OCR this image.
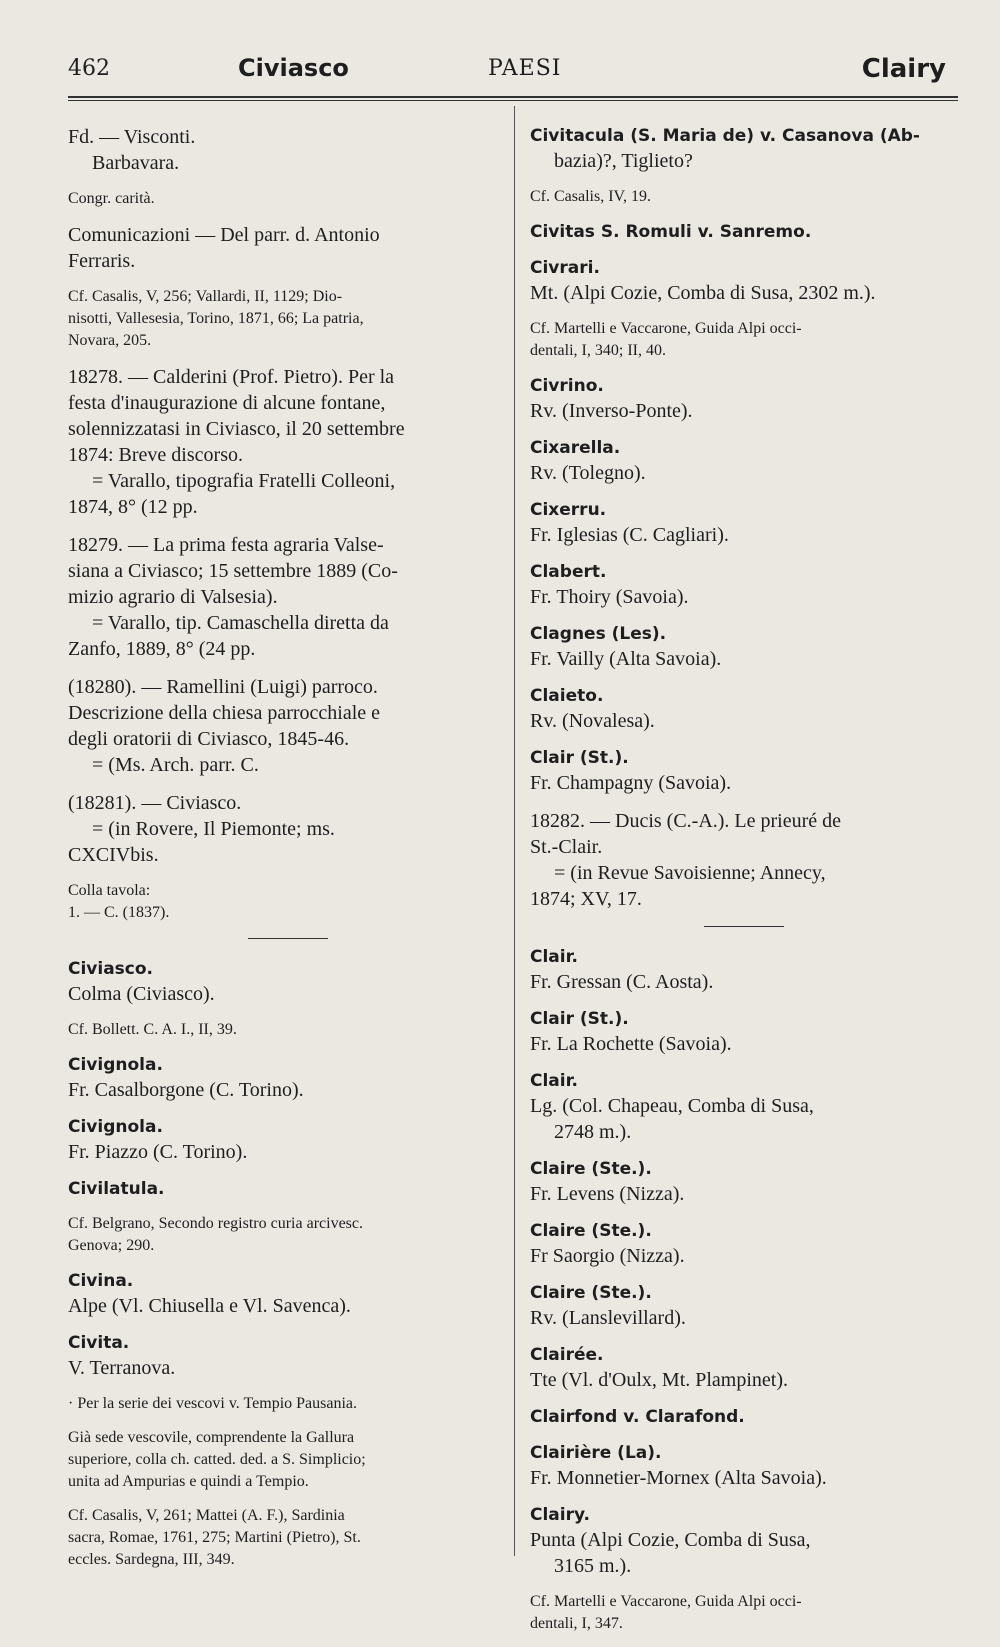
462	Civiasco	PAESI	Clairy
Fd. — Visconti.
Barbavara.
Congr. carità.
Comunicazioni — Del parr. d. Antonio
Ferraris.
Cf. Casalis, V, 256; Vallardi, II, 1129; Dio-
nisotti, Vallesesia, Torino, 1871, 66; La patria,
Novara, 205.
18278. — Calderini (Prof. Pietro). Per la
festa d'inaugurazione di alcune fontane,
solennizzatasi in Civiasco, il 20 settembre
1874: Breve discorso.
= Varallo, tipografia Fratelli Colleoni,
1874, 8° (12 pp.
18279. — La prima festa agraria Valse-
siana a Civiasco; 15 settembre 1889 (Co-
mizio agrario di Valsesia).
= Varallo, tip. Camaschella diretta da
Zanfo, 1889, 8° (24 pp.
(18280). — Ramellini (Luigi) parroco.
Descrizione della chiesa parrocchiale e
degli oratorii di Civiasco, 1845-46.
= (Ms. Arch. parr. C.
(18281). — Civiasco.
= (in Rovere, Il Piemonte; ms.
CXCIVbis.
Colla tavola:
1. — C. (1837).
Civiasco.
Colma (Civiasco).
Cf. Bollett. C. A. I., II, 39.
Civignola.
Fr. Casalborgone (C. Torino).
Civignola.
Fr. Piazzo (C. Torino).
Civilatula.
Cf. Belgrano, Secondo registro curia arcivesc.
Genova; 290.
Civina.
Alpe (Vl. Chiusella e Vl. Savenca).
Civita.
V. Terranova.
· Per la serie dei vescovi v. Tempio Pausania.
Già sede vescovile, comprendente la Gallura
superiore, colla ch. catted. ded. a S. Simplicio;
unita ad Ampurias e quindi a Tempio.
Cf. Casalis, V, 261; Mattei (A. F.), Sardinia
sacra, Romae, 1761, 275; Martini (Pietro), St.
eccles. Sardegna, III, 349.
Civitacula (S. Maria de) v. Casanova (Ab-
bazia)?, Tiglieto?
Cf. Casalis, IV, 19.
Civitas S. Romuli v. Sanremo.
Civrari.
Mt. (Alpi Cozie, Comba di Susa, 2302 m.).
Cf. Martelli e Vaccarone, Guida Alpi occi-
dentali, I, 340; II, 40.
Civrino.
Rv. (Inverso-Ponte).
Cixarella.
Rv. (Tolegno).
Cixerru.
Fr. Iglesias (C. Cagliari).
Clabert.
Fr. Thoiry (Savoia).
Clagnes (Les).
Fr. Vailly (Alta Savoia).
Claieto.
Rv. (Novalesa).
Clair (St.).
Fr. Champagny (Savoia).
18282. — Ducis (C.-A.). Le prieuré de
St.-Clair.
= (in Revue Savoisienne; Annecy,
1874; XV, 17.
Clair.
Fr. Gressan (C. Aosta).
Clair (St.).
Fr. La Rochette (Savoia).
Clair.
Lg. (Col. Chapeau, Comba di Susa,
2748 m.).
Claire (Ste.).
Fr. Levens (Nizza).
Claire (Ste.).
Fr Saorgio (Nizza).
Claire (Ste.).
Rv. (Lanslevillard).
Clairée.
Tte (Vl. d'Oulx, Mt. Plampinet).
Clairfond v. Clarafond.
Clairière (La).
Fr. Monnetier-Mornex (Alta Savoia).
Clairy.
Punta (Alpi Cozie, Comba di Susa,
3165 m.).
Cf. Martelli e Vaccarone, Guida Alpi occi-
dentali, I, 347.
